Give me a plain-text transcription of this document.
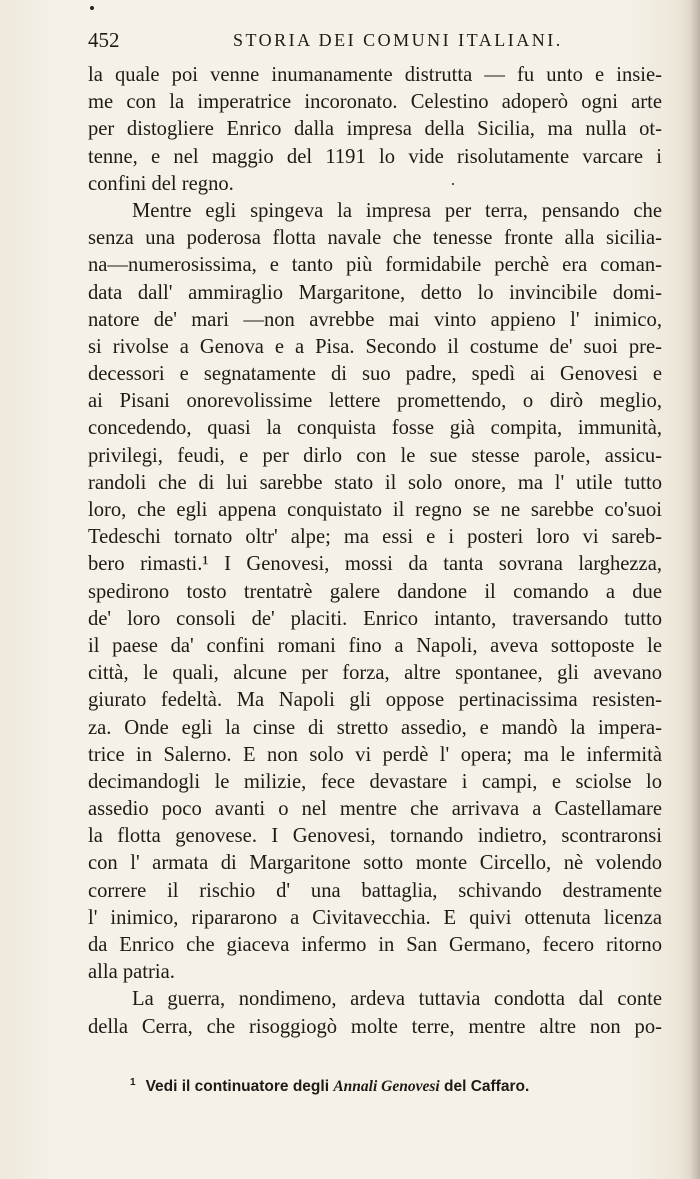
452	STORIA DEI COMUNI ITALIANI.
la quale poi venne inumanamente distrutta — fu unto e insie-
me con la imperatrice incoronato. Celestino adoperò ogni arte
per distogliere Enrico dalla impresa della Sicilia, ma nulla ot-
tenne, e nel maggio del 1191 lo vide risolutamente varcare i
confini del regno.
Mentre egli spingeva la impresa per terra, pensando che
senza una poderosa flotta navale che tenesse fronte alla sicilia-
na—numerosissima, e tanto più formidabile perchè era coman-
data dall' ammiraglio Margaritone, detto lo invincibile domi-
natore de' mari —non avrebbe mai vinto appieno l' inimico,
si rivolse a Genova e a Pisa. Secondo il costume de' suoi pre-
decessori e segnatamente di suo padre, spedì ai Genovesi e
ai Pisani onorevolissime lettere promettendo, o dirò meglio,
concedendo, quasi la conquista fosse già compita, immunità,
privilegi, feudi, e per dirlo con le sue stesse parole, assicu-
randoli che di lui sarebbe stato il solo onore, ma l' utile tutto
loro, che egli appena conquistato il regno se ne sarebbe co'suoi
Tedeschi tornato oltr' alpe; ma essi e i posteri loro vi sareb-
bero rimasti.¹ I Genovesi, mossi da tanta sovrana larghezza,
spedirono tosto trentatrè galere dandone il comando a due
de' loro consoli de' placiti. Enrico intanto, traversando tutto
il paese da' confini romani fino a Napoli, aveva sottoposte le
città, le quali, alcune per forza, altre spontanee, gli avevano
giurato fedeltà. Ma Napoli gli oppose pertinacissima resisten-
za. Onde egli la cinse di stretto assedio, e mandò la impera-
trice in Salerno. E non solo vi perdè l' opera; ma le infermità
decimandogli le milizie, fece devastare i campi, e sciolse lo
assedio poco avanti o nel mentre che arrivava a Castellamare
la flotta genovese. I Genovesi, tornando indietro, scontraronsi
con l' armata di Margaritone sotto monte Circello, nè volendo
correre il rischio d' una battaglia, schivando destramente
l' inimico, ripararono a Civitavecchia. E quivi ottenuta licenza
da Enrico che giaceva infermo in San Germano, fecero ritorno
alla patria.
La guerra, nondimeno, ardeva tuttavia condotta dal conte
della Cerra, che risoggiogò molte terre, mentre altre non po-
$^1$ Vedi il continuatore degli Annali Genovesi del Caffaro.
